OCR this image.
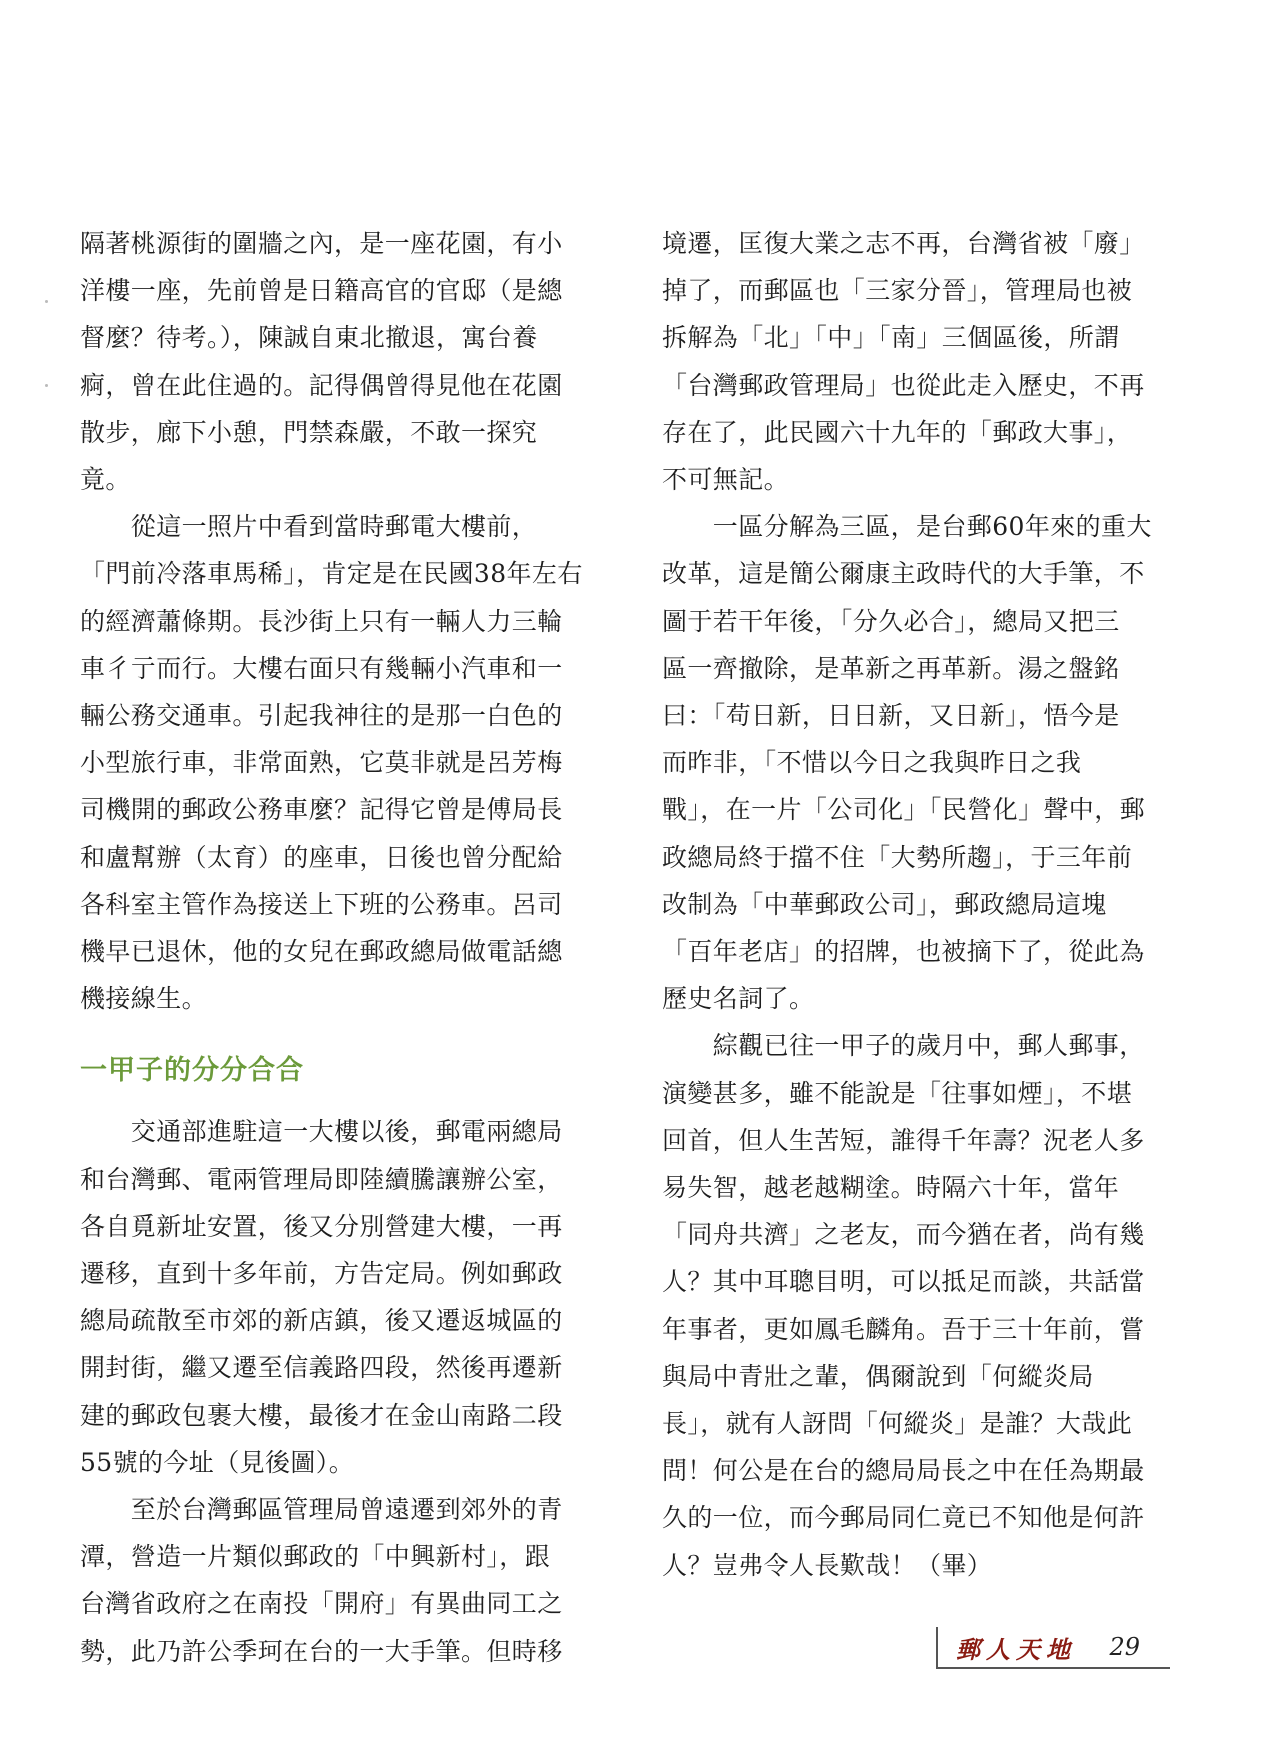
隔著桃源街的圍牆之內，是一座花園，有小
洋樓一座，先前曾是日籍高官的官邸（是總
督麼？待考。），陳誠自東北撤退，寓台養
痾，曾在此住過的。記得偶曾得見他在花園
散步，廊下小憩，門禁森嚴，不敢一探究
竟。

　　從這一照片中看到當時郵電大樓前，
「門前冷落車馬稀」，肯定是在民國38年左右
的經濟蕭條期。長沙街上只有一輛人力三輪
車彳亍而行。大樓右面只有幾輛小汽車和一
輛公務交通車。引起我神往的是那一白色的
小型旅行車，非常面熟，它莫非就是呂芳梅
司機開的郵政公務車麼？記得它曾是傅局長
和盧幫辦（太育）的座車，日後也曾分配給
各科室主管作為接送上下班的公務車。呂司
機早已退休，他的女兒在郵政總局做電話總
機接線生。

一甲子的分分合合

　　交通部進駐這一大樓以後，郵電兩總局
和台灣郵、電兩管理局即陸續騰讓辦公室，
各自覓新址安置，後又分別營建大樓，一再
遷移，直到十多年前，方告定局。例如郵政
總局疏散至市郊的新店鎮，後又遷返城區的
開封街，繼又遷至信義路四段，然後再遷新
建的郵政包裹大樓，最後才在金山南路二段
55號的今址（見後圖）。

　　至於台灣郵區管理局曾遠遷到郊外的青
潭，營造一片類似郵政的「中興新村」，跟
台灣省政府之在南投「開府」有異曲同工之
勢，此乃許公季珂在台的一大手筆。但時移

境遷，匡復大業之志不再，台灣省被「廢」
掉了，而郵區也「三家分晉」，管理局也被
拆解為「北」「中」「南」三個區後，所謂
「台灣郵政管理局」也從此走入歷史，不再
存在了，此民國六十九年的「郵政大事」，
不可無記。

　　一區分解為三區，是台郵60年來的重大
改革，這是簡公爾康主政時代的大手筆，不
圖于若干年後，「分久必合」，總局又把三
區一齊撤除，是革新之再革新。湯之盤銘
曰：「苟日新，日日新，又日新」，悟今是
而昨非，「不惜以今日之我與昨日之我
戰」，在一片「公司化」「民營化」聲中，郵
政總局終于擋不住「大勢所趨」，于三年前
改制為「中華郵政公司」，郵政總局這塊
「百年老店」的招牌，也被摘下了，從此為
歷史名詞了。

　　綜觀已往一甲子的歲月中，郵人郵事，
演變甚多，雖不能說是「往事如煙」，不堪
回首，但人生苦短，誰得千年壽？況老人多
易失智，越老越糊塗。時隔六十年，當年
「同舟共濟」之老友，而今猶在者，尚有幾
人？其中耳聰目明，可以抵足而談，共話當
年事者，更如鳳毛麟角。吾于三十年前，嘗
與局中青壯之輩，偶爾說到「何縱炎局
長」，就有人訝問「何縱炎」是誰？大哉此
問！何公是在台的總局局長之中在任為期最
久的一位，而今郵局同仁竟已不知他是何許
人？豈弗令人長歎哉！（畢）

郵人天地 29
